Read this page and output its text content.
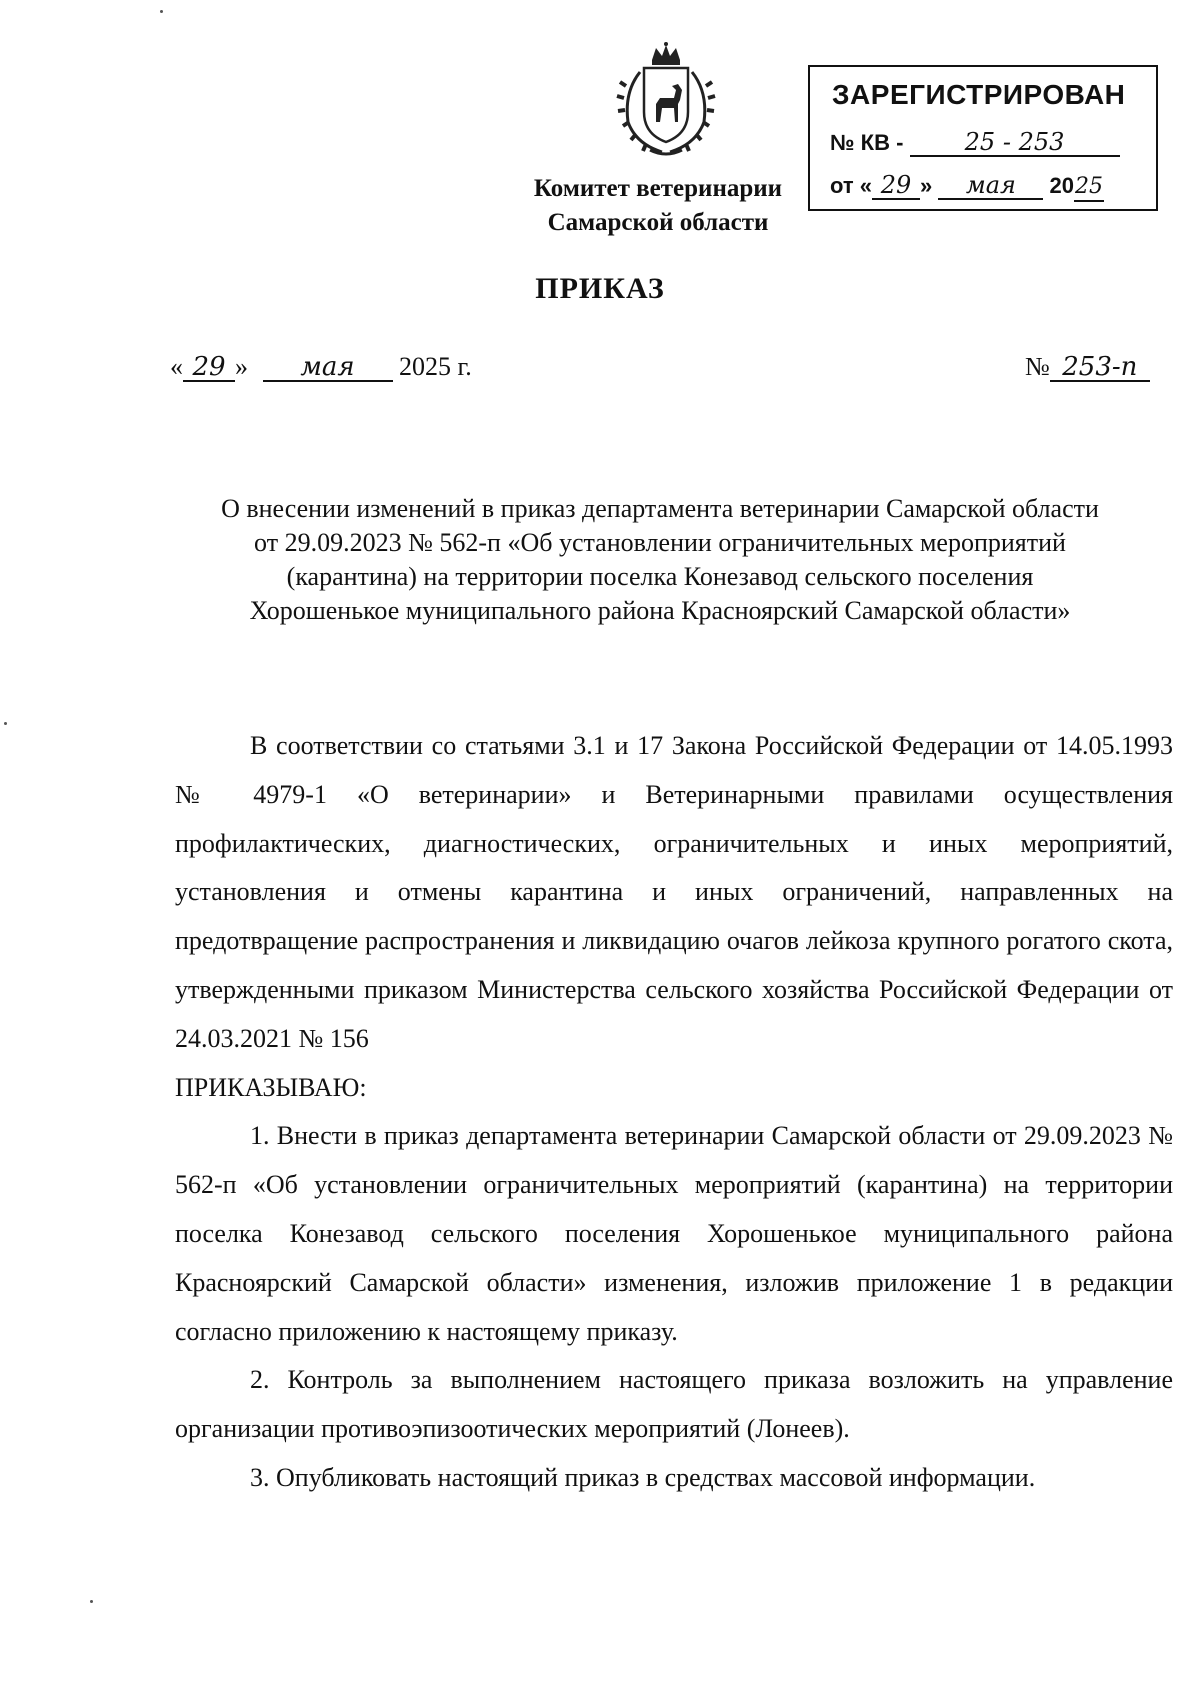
Комитет ветеринарии
Самарской области
ЗАРЕГИСТРИРОВАН
№ КВ -	25 - 253
от « 29 » мая 2025
ПРИКАЗ
« 29 » мая 2025 г.	№ 253-п
О внесении изменений в приказ департамента ветеринарии Самарской области
от 29.09.2023 № 562-п «Об установлении ограничительных мероприятий
(карантина) на территории поселка Конезавод сельского поселения
Хорошенькое муниципального района Красноярский Самарской области»

В соответствии со статьями 3.1 и 17 Закона Российской Федерации от 14.05.1993 № 4979-1 «О ветеринарии» и Ветеринарными правилами осуществления профилактических, диагностических, ограничительных и иных мероприятий, установления и отмены карантина и иных ограничений, направленных на предотвращение распространения и ликвидацию очагов лейкоза крупного рогатого скота, утвержденными приказом Министерства сельского хозяйства Российской Федерации от 24.03.2021 № 156

ПРИКАЗЫВАЮ:

1. Внести в приказ департамента ветеринарии Самарской области от 29.09.2023 № 562-п «Об установлении ограничительных мероприятий (карантина) на территории поселка Конезавод сельского поселения Хорошенькое муниципального района Красноярский Самарской области» изменения, изложив приложение 1 в редакции согласно приложению к настоящему приказу.

2. Контроль за выполнением настоящего приказа возложить на управление организации противоэпизоотических мероприятий (Лонеев).

3. Опубликовать настоящий приказ в средствах массовой информации.
